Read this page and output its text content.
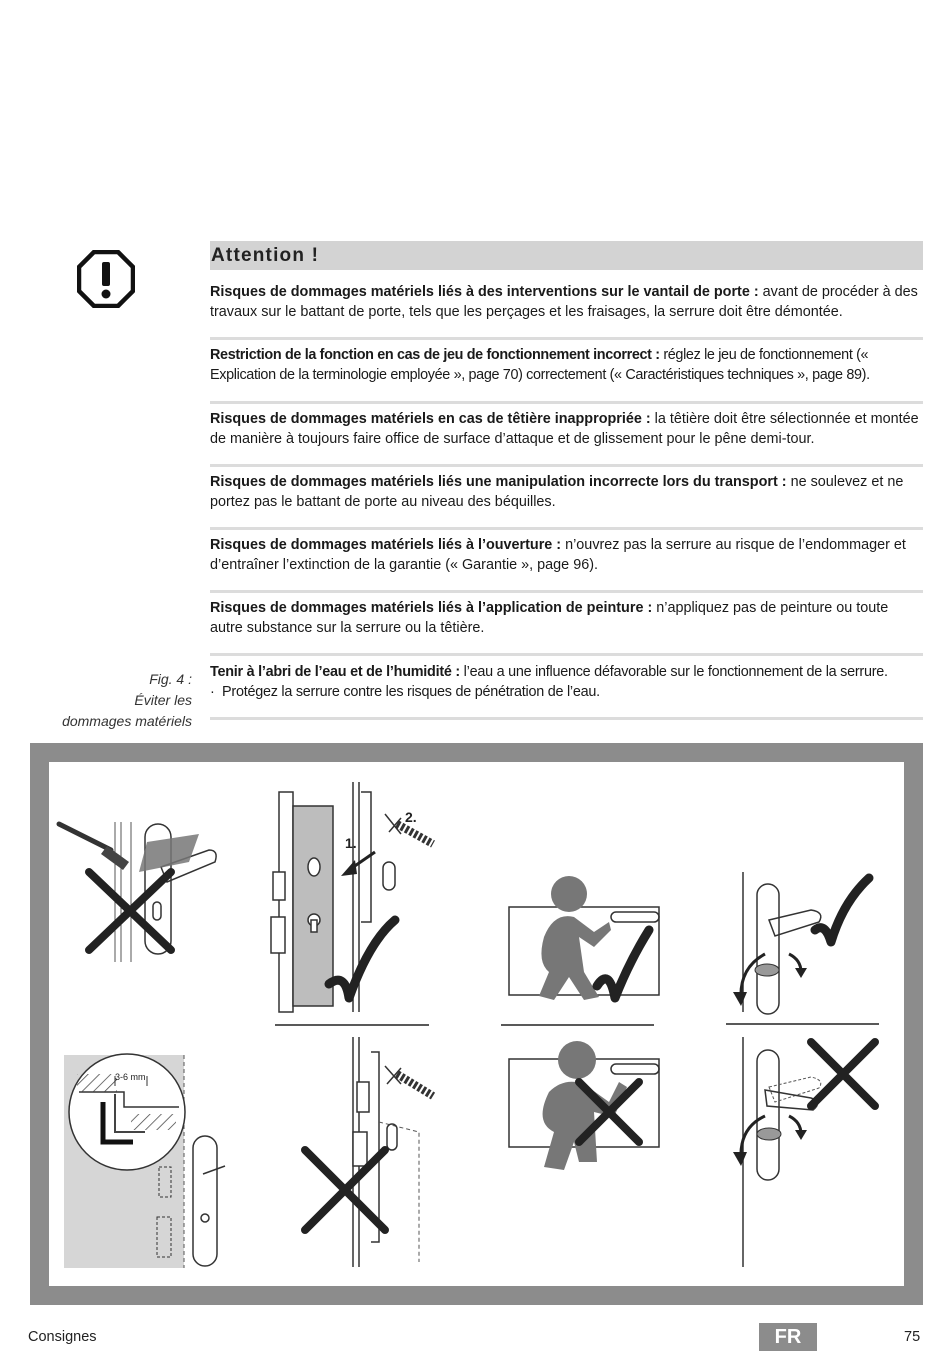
Attention !
Risques de dommages matériels liés à des interventions sur le vantail de porte : avant de procéder à des travaux sur le battant de porte, tels que les perçages et les fraisages, la serrure doit être démontée.
Restriction de la fonction en cas de jeu de fonctionnement incorrect : réglez le jeu de fonctionnement (« Explication de la terminologie employée », page 70) correctement (« Caractéristiques techniques », page 89).
Risques de dommages matériels en cas de têtière inappropriée : la têtière doit être sélectionnée et montée de manière à toujours faire office de surface d’attaque et de glissement pour le pêne demi-tour.
Risques de dommages matériels liés une manipulation incorrecte lors du transport : ne soulevez et ne portez pas le battant de porte au niveau des béquilles.
Risques de dommages matériels liés à l’ouverture : n’ouvrez pas la serrure au risque de l’endommager et d’entraîner l’extinction de la garantie (« Garantie », page 96).
Risques de dommages matériels liés à l’application de peinture : n’appliquez pas de peinture ou toute autre substance sur la serrure ou la têtière.
Tenir à l’abri de l’eau et de l’humidité : l’eau a une influence défavorable sur le fonctionnement de la serrure.
·  Protégez la serrure contre les risques de pénétration de l’eau.
Fig. 4 :
Éviter les
dommages matériels
1.
2.
3-6 mm
Consignes	FR	75
